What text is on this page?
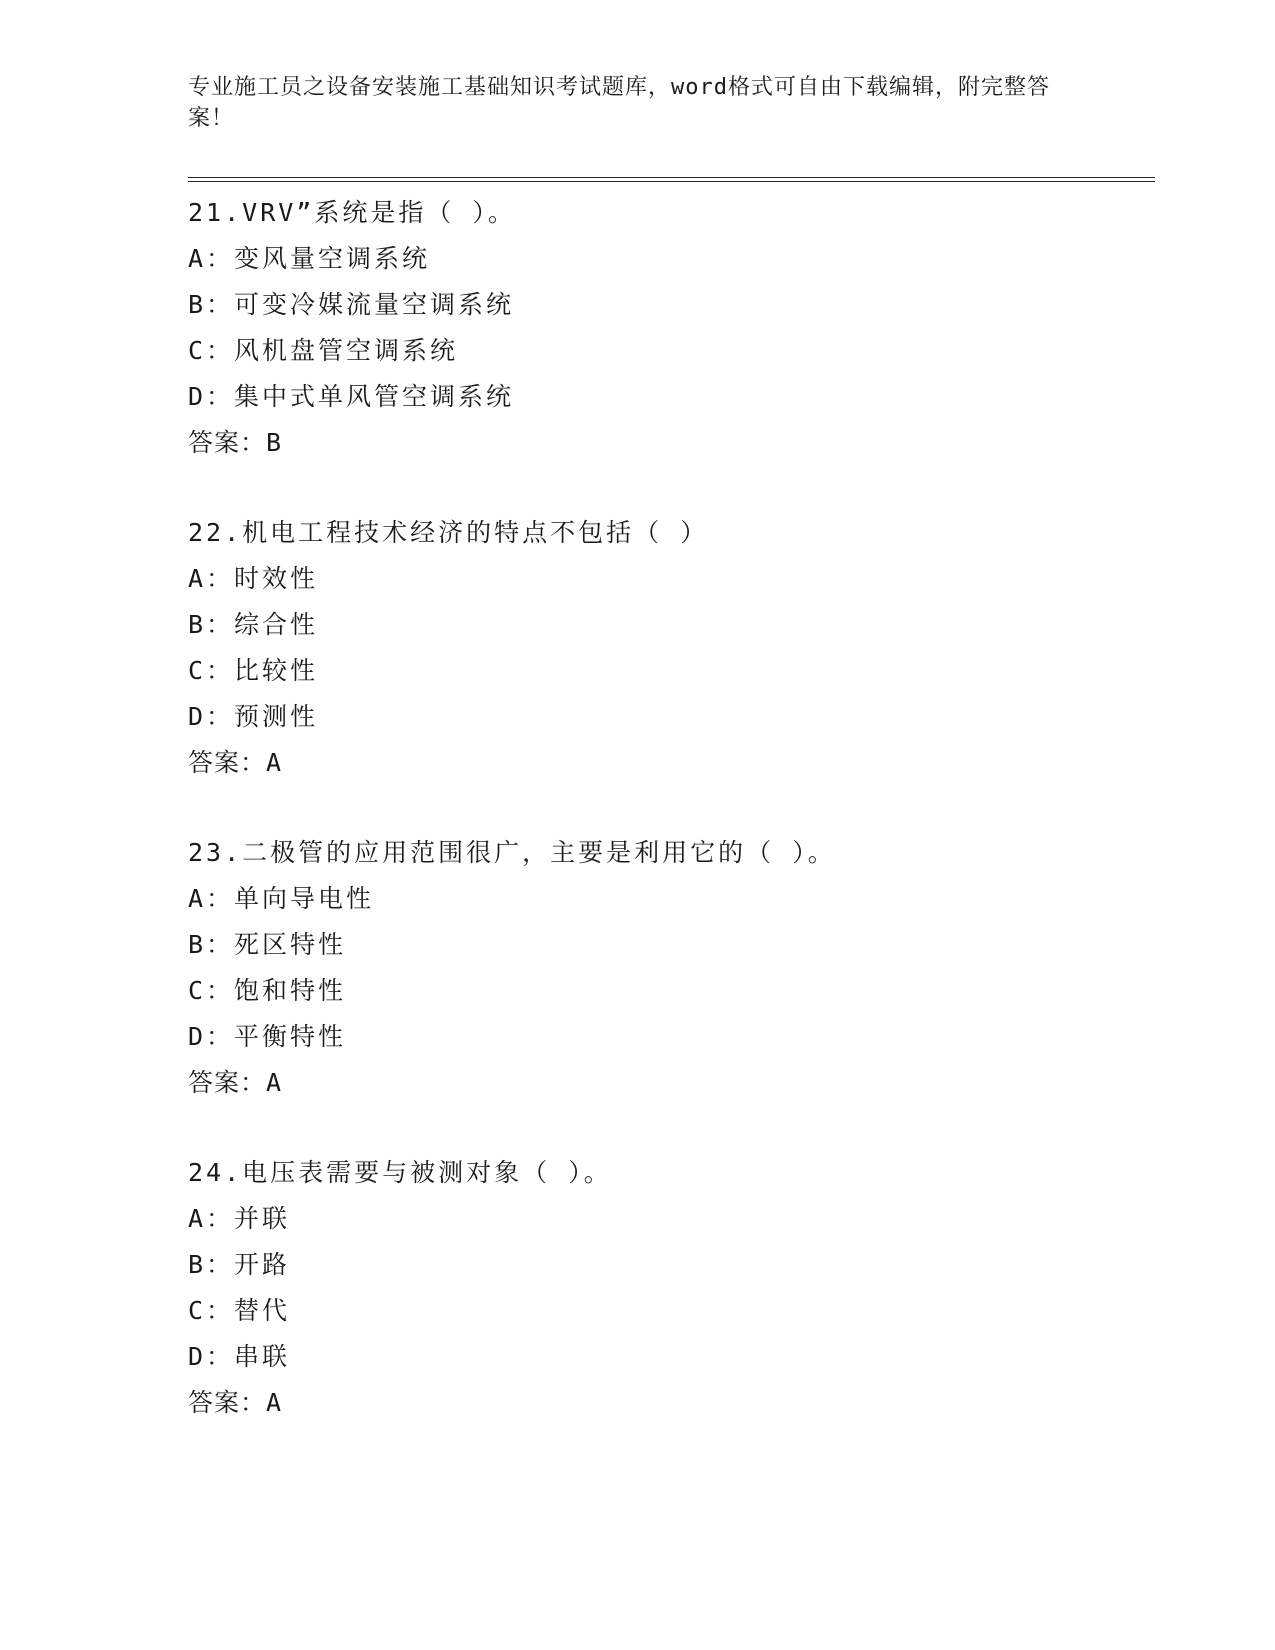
专业施工员之设备安装施工基础知识考试题库，word格式可自由下载编辑，附完整答案！
21.VRV”系统是指（ ）。
A：变风量空调系统
B：可变冷媒流量空调系统
C：风机盘管空调系统
D：集中式单风管空调系统
答案：B
22.机电工程技术经济的特点不包括（ ）
A：时效性
B：综合性
C：比较性
D：预测性
答案：A
23.二极管的应用范围很广，主要是利用它的（ ）。
A：单向导电性
B：死区特性
C：饱和特性
D：平衡特性
答案：A
24.电压表需要与被测对象（ ）。
A：并联
B：开路
C：替代
D：串联
答案：A
